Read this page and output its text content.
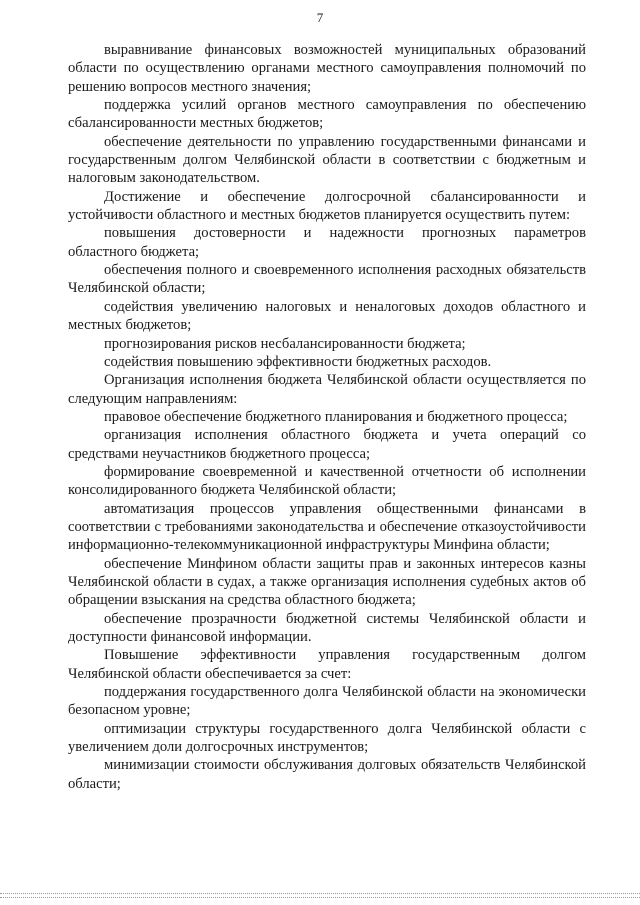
7

выравнивание финансовых возможностей муниципальных образований области по осуществлению органами местного самоуправления полномочий по решению вопросов местного значения;

поддержка усилий органов местного самоуправления по обеспечению сбалансированности местных бюджетов;

обеспечение деятельности по управлению государственными финансами и государственным долгом Челябинской области в соответствии с бюджетным и налоговым законодательством.

Достижение и обеспечение долгосрочной сбалансированности и устойчивости областного и местных бюджетов планируется осуществить путем:

повышения достоверности и надежности прогнозных параметров областного бюджета;

обеспечения полного и своевременного исполнения расходных обязательств Челябинской области;

содействия увеличению налоговых и неналоговых доходов областного и местных бюджетов;

прогнозирования рисков несбалансированности бюджета;

содействия повышению эффективности бюджетных расходов.

Организация исполнения бюджета Челябинской области осуществляется по следующим направлениям:

правовое обеспечение бюджетного планирования и бюджетного процесса;

организация исполнения областного бюджета и учета операций со средствами неучастников бюджетного процесса;

формирование своевременной и качественной отчетности об исполнении консолидированного бюджета Челябинской области;

автоматизация процессов управления общественными финансами в соответствии с требованиями законодательства и обеспечение отказоустойчивости информационно-телекоммуникационной инфраструктуры Минфина области;

обеспечение Минфином области защиты прав и законных интересов казны Челябинской области в судах, а также организация исполнения судебных актов об обращении взыскания на средства областного бюджета;

обеспечение прозрачности бюджетной системы Челябинской области и доступности финансовой информации.

Повышение эффективности управления государственным долгом Челябинской области обеспечивается за счет:

поддержания государственного долга Челябинской области на экономически безопасном уровне;

оптимизации структуры государственного долга Челябинской области с увеличением доли долгосрочных инструментов;

минимизации стоимости обслуживания долговых обязательств Челябинской области;
